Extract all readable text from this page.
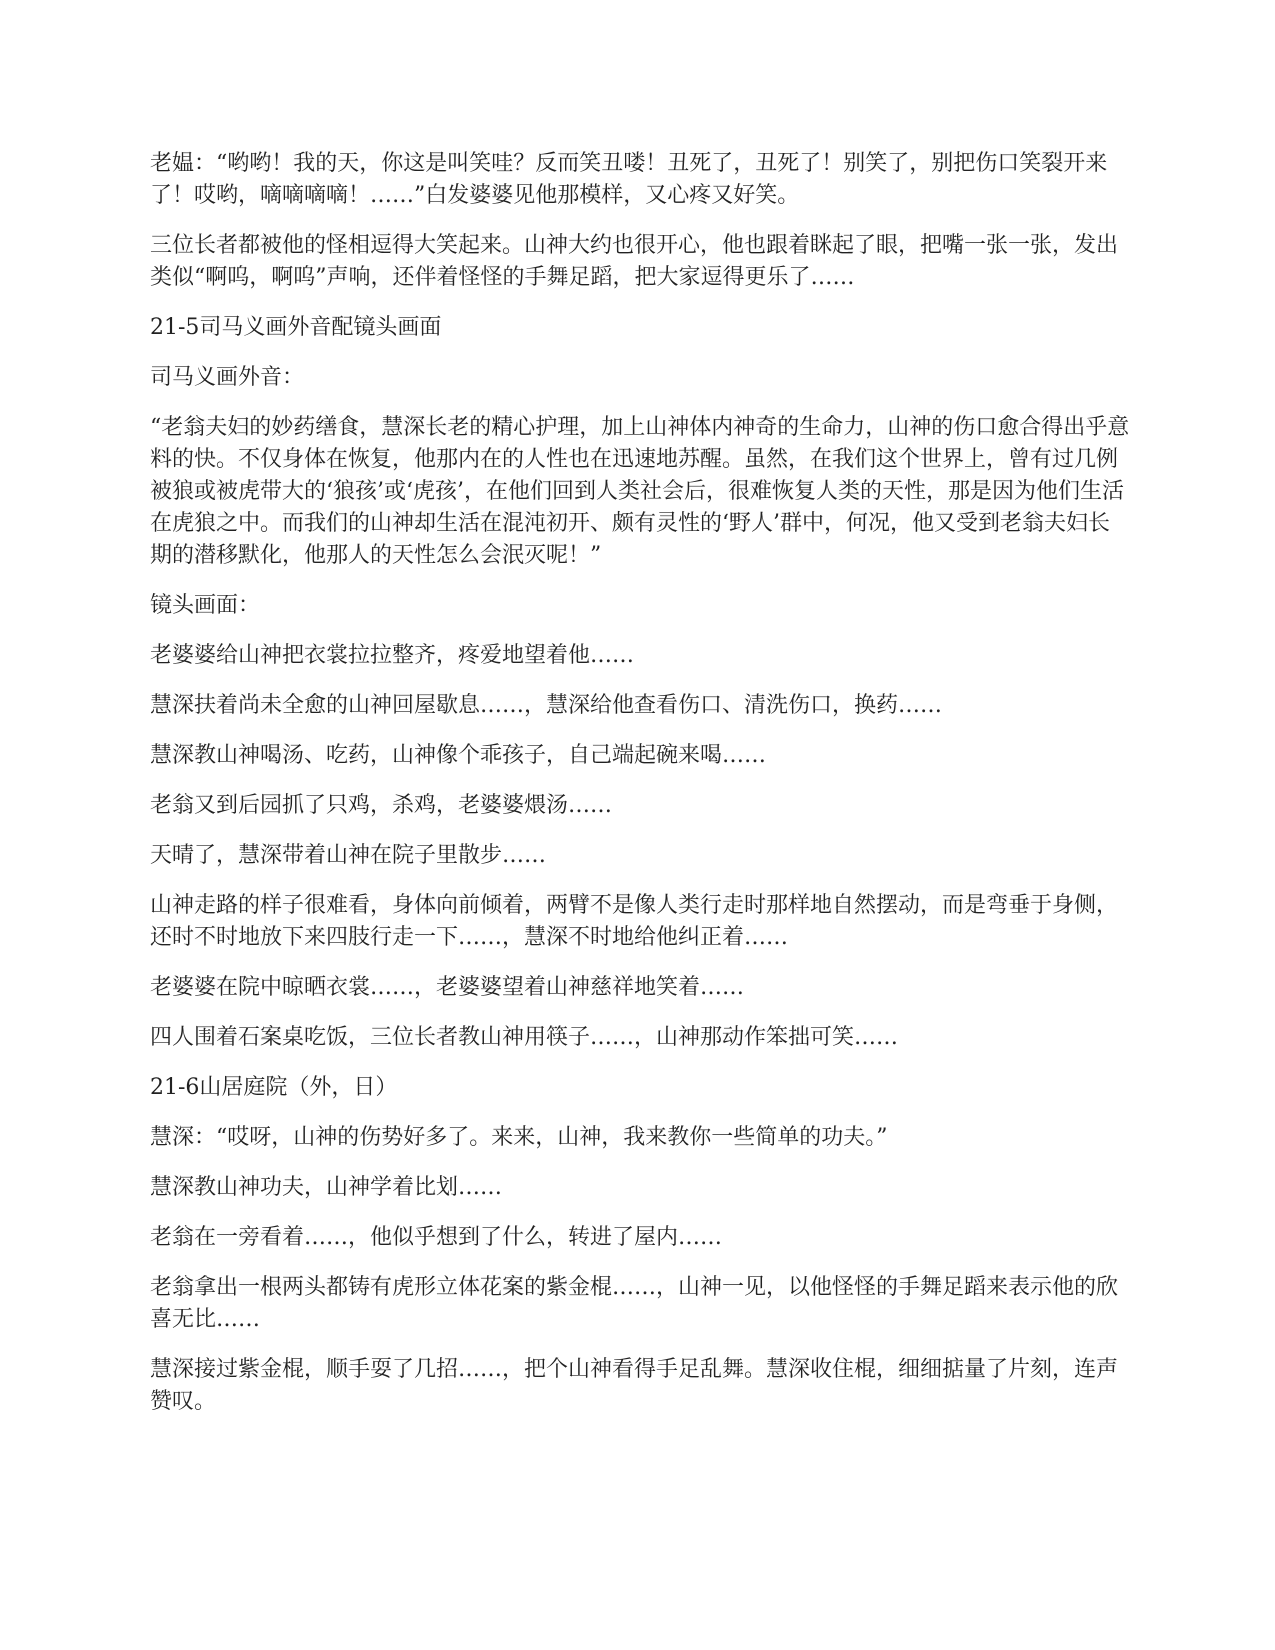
老媪：“哟哟！我的天，你这是叫笑哇？反而笑丑喽！丑死了，丑死了！别笑了，别把伤口笑裂开来了！哎哟，嘀嘀嘀嘀！……”白发婆婆见他那模样，又心疼又好笑。

三位长者都被他的怪相逗得大笑起来。山神大约也很开心，他也跟着眯起了眼，把嘴一张一张，发出类似“啊呜，啊呜”声响，还伴着怪怪的手舞足蹈，把大家逗得更乐了……

21-5司马义画外音配镜头画面

司马义画外音：

“老翁夫妇的妙药缮食，慧深长老的精心护理，加上山神体内神奇的生命力，山神的伤口愈合得出乎意料的快。不仅身体在恢复，他那内在的人性也在迅速地苏醒。虽然，在我们这个世界上，曾有过几例被狼或被虎带大的‘狼孩’或‘虎孩’，在他们回到人类社会后，很难恢复人类的天性，那是因为他们生活在虎狼之中。而我们的山神却生活在混沌初开、颇有灵性的‘野人’群中，何况，他又受到老翁夫妇长期的潜移默化，他那人的天性怎么会泯灭呢！”

镜头画面：

老婆婆给山神把衣裳拉拉整齐，疼爱地望着他……

慧深扶着尚未全愈的山神回屋歇息……，慧深给他查看伤口、清洗伤口，换药……

慧深教山神喝汤、吃药，山神像个乖孩子，自己端起碗来喝……

老翁又到后园抓了只鸡，杀鸡，老婆婆煨汤……

天晴了，慧深带着山神在院子里散步……

山神走路的样子很难看，身体向前倾着，两臂不是像人类行走时那样地自然摆动，而是弯垂于身侧，还时不时地放下来四肢行走一下……，慧深不时地给他纠正着……

老婆婆在院中晾晒衣裳……，老婆婆望着山神慈祥地笑着……

四人围着石案桌吃饭，三位长者教山神用筷子……，山神那动作笨拙可笑……

21-6山居庭院（外，日）

慧深：“哎呀，山神的伤势好多了。来来，山神，我来教你一些简单的功夫。”

慧深教山神功夫，山神学着比划……

老翁在一旁看着……，他似乎想到了什么，转进了屋内……

老翁拿出一根两头都铸有虎形立体花案的紫金棍……，山神一见，以他怪怪的手舞足蹈来表示他的欣喜无比……

慧深接过紫金棍，顺手耍了几招……，把个山神看得手足乱舞。慧深收住棍，细细掂量了片刻，连声赞叹。
